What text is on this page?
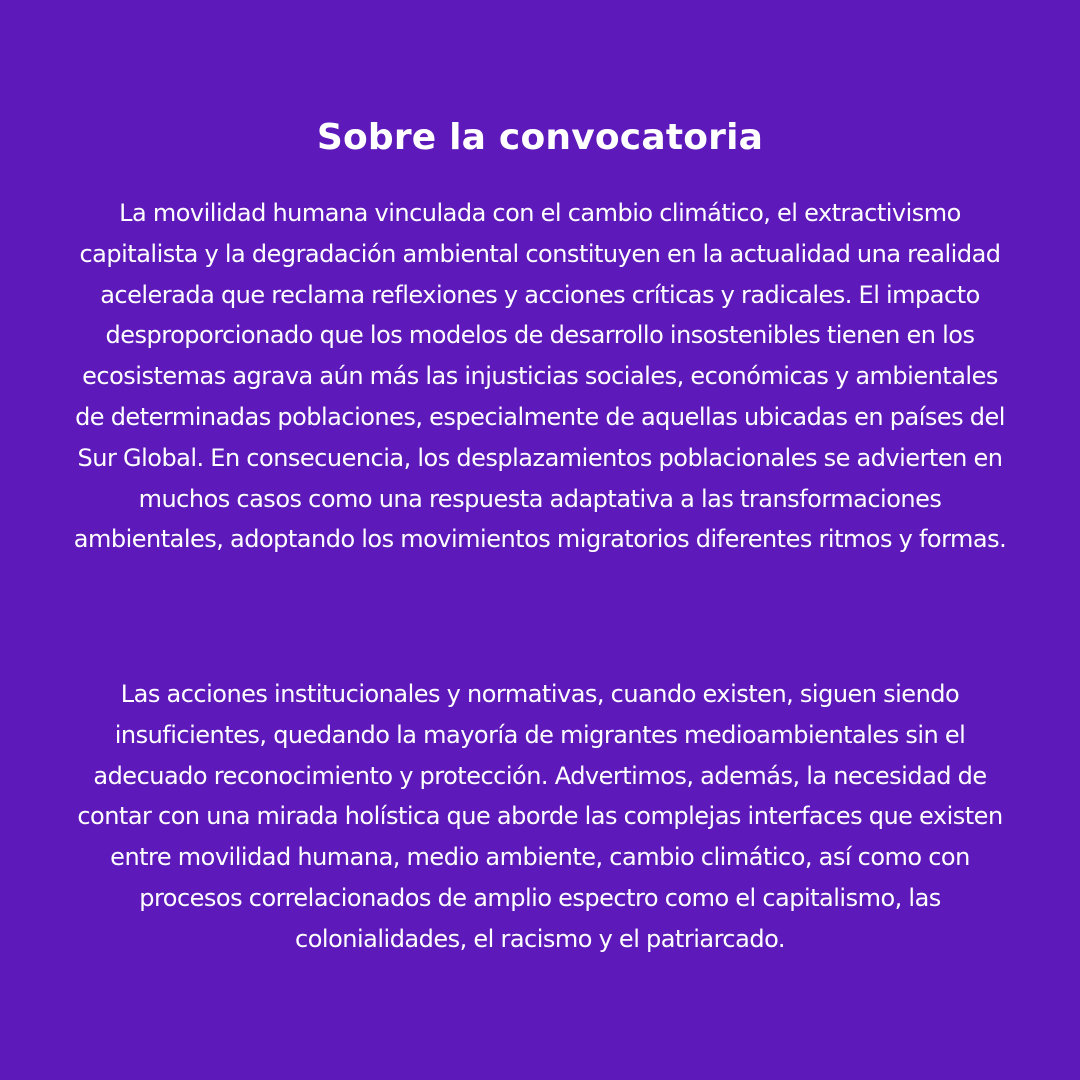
Sobre la convocatoria

La movilidad humana vinculada con el cambio climático, el extractivismo capitalista y la degradación ambiental constituyen en la actualidad una realidad acelerada que reclama reflexiones y acciones críticas y radicales. El impacto desproporcionado que los modelos de desarrollo insostenibles tienen en los ecosistemas agrava aún más las injusticias sociales, económicas y ambientales de determinadas poblaciones, especialmente de aquellas ubicadas en países del Sur Global. En consecuencia, los desplazamientos poblacionales se advierten en muchos casos como una respuesta adaptativa a las transformaciones ambientales, adoptando los movimientos migratorios diferentes ritmos y formas.

Las acciones institucionales y normativas, cuando existen, siguen siendo insuficientes, quedando la mayoría de migrantes medioambientales sin el adecuado reconocimiento y protección. Advertimos, además, la necesidad de contar con una mirada holística que aborde las complejas interfaces que existen entre movilidad humana, medio ambiente, cambio climático, así como con procesos correlacionados de amplio espectro como el capitalismo, las colonialidades, el racismo y el patriarcado.
